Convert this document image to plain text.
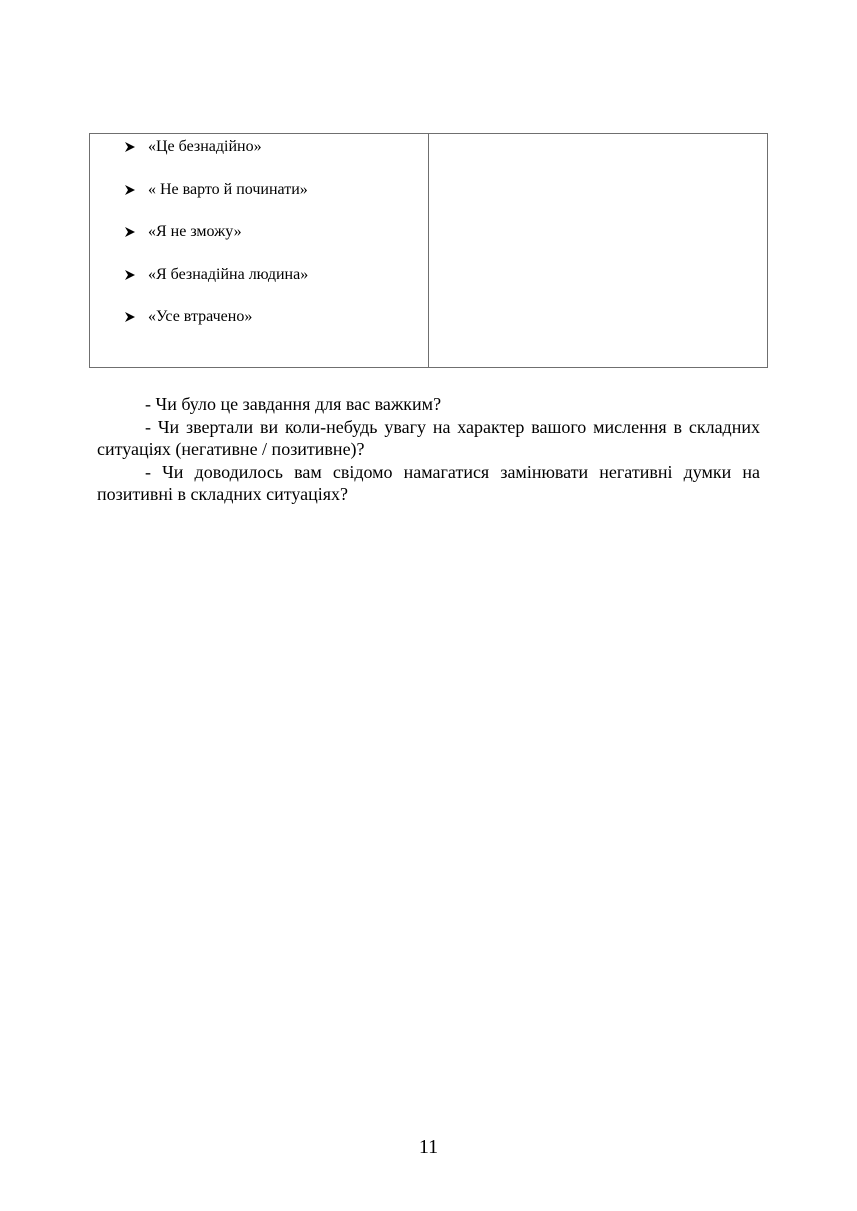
«Це безнадійно»
« Не варто й починати»
«Я не зможу»
«Я безнадійна людина»
«Усе втрачено»

- Чи було це завдання для вас важким?

- Чи звертали ви коли-небудь увагу на характер вашого мислення в складних ситуаціях (негативне / позитивне)?

- Чи доводилось вам свідомо намагатися замінювати негативні думки на позитивні в складних ситуаціях?

11
